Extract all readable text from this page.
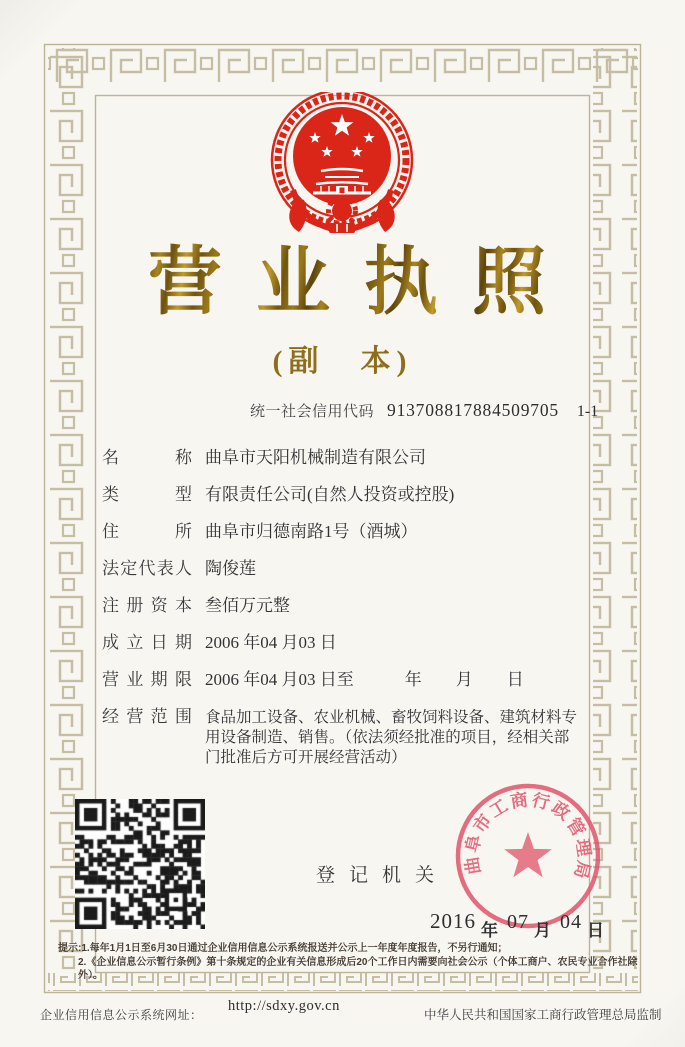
营业执照
(副　本)
统一社会信用代码 913708817884509705 1-1
名称 曲阜市天阳机械制造有限公司
类型 有限责任公司(自然人投资或控股)
住所 曲阜市归德南路1号（酒城）
法定代表人 陶俊莲
注册资本 叁佰万元整
成立日期 2006 年04 月03 日
营业期限 2006 年04 月03 日至　　　年　　月　　日
经营范围 食品加工设备、农业机械、畜牧饲料设备、建筑材料专用设备制造、销售。（依法须经批准的项目，经相关部门批准后方可开展经营活动）
登记机关 曲阜市工商行政管理局
2016 年 07 月 04 日
提示:1.每年1月1日至6月30日通过企业信用信息公示系统报送并公示上一年度年度报告，不另行通知；
2.《企业信息公示暂行条例》第十条规定的企业有关信息形成后20个工作日内需要向社会公示（个体工商户、农民专业合作社除外）。
企业信用信息公示系统网址：
http://sdxy.gov.cn
中华人民共和国国家工商行政管理总局监制
